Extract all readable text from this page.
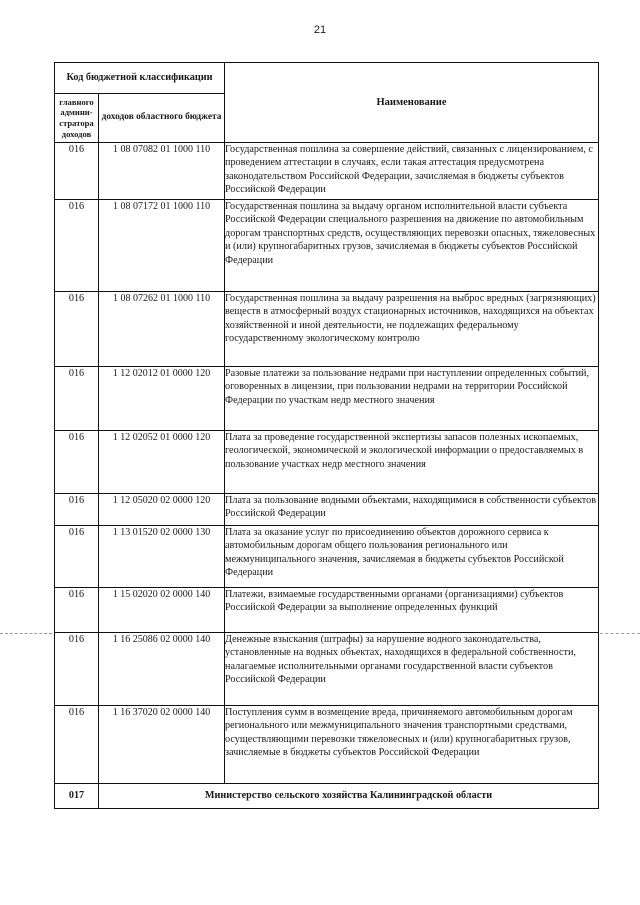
21
Код бюджетной классификации		Наименование
главного админи- стратора доходов	доходов областного бюджета	
016	1 08 07082 01 1000 110	Государственная пошлина за совершение действий, связанных с лицензированием, с проведением аттестации в случаях, если такая аттестация предусмотрена законодательством Российской Федерации, зачисляемая в бюджеты субъектов Российской Федерации
016	1 08 07172 01 1000 110	Государственная пошлина за выдачу органом исполнительной власти субъекта Российской Федерации специального разрешения на движение по автомобильным дорогам транспортных средств, осуществляющих перевозки опасных, тяжеловесных и (или) крупногабаритных грузов, зачисляемая в бюджеты субъектов Российской Федерации
016	1 08 07262 01 1000 110	Государственная пошлина за выдачу разрешения на выброс вредных (загрязняющих) веществ в атмосферный воздух стационарных источников, находящихся на объектах хозяйственной и иной деятельности, не подлежащих федеральному государственному экологическому контролю
016	1 12 02012 01 0000 120	Разовые платежи за пользование недрами при наступлении определенных событий, оговоренных в лицензии, при пользовании недрами на территории Российской Федерации по участкам недр местного значения
016	1 12 02052 01 0000 120	Плата за проведение государственной экспертизы запасов полезных ископаемых, геологической, экономической и экологической информации о предоставляемых в пользование участках недр местного значения
016	1 12 05020 02 0000 120	Плата за пользование водными объектами, находящимися в собственности субъектов Российской Федерации
016	1 13 01520 02 0000 130	Плата за оказание услуг по присоединению объектов дорожного сервиса к автомобильным дорогам общего пользования регионального или межмуниципального значения, зачисляемая в бюджеты субъектов Российской Федерации
016	1 15 02020 02 0000 140	Платежи, взимаемые государственными органами (организациями) субъектов Российской Федерации за выполнение определенных функций
016	1 16 25086 02 0000 140	Денежные взыскания (штрафы) за нарушение водного законодательства, установленные на водных объектах, находящихся в федеральной собственности, налагаемые исполнительными органами государственной власти субъектов Российской Федерации
016	1 16 37020 02 0000 140	Поступления сумм в возмещение вреда, причиняемого автомобильным дорогам регионального или межмуниципального значения транспортными средствами, осуществляющими перевозки тяжеловесных и (или) крупногабаритных грузов, зачисляемые в бюджеты субъектов Российской Федерации
017	Министерство сельского хозяйства Калининградской области	
